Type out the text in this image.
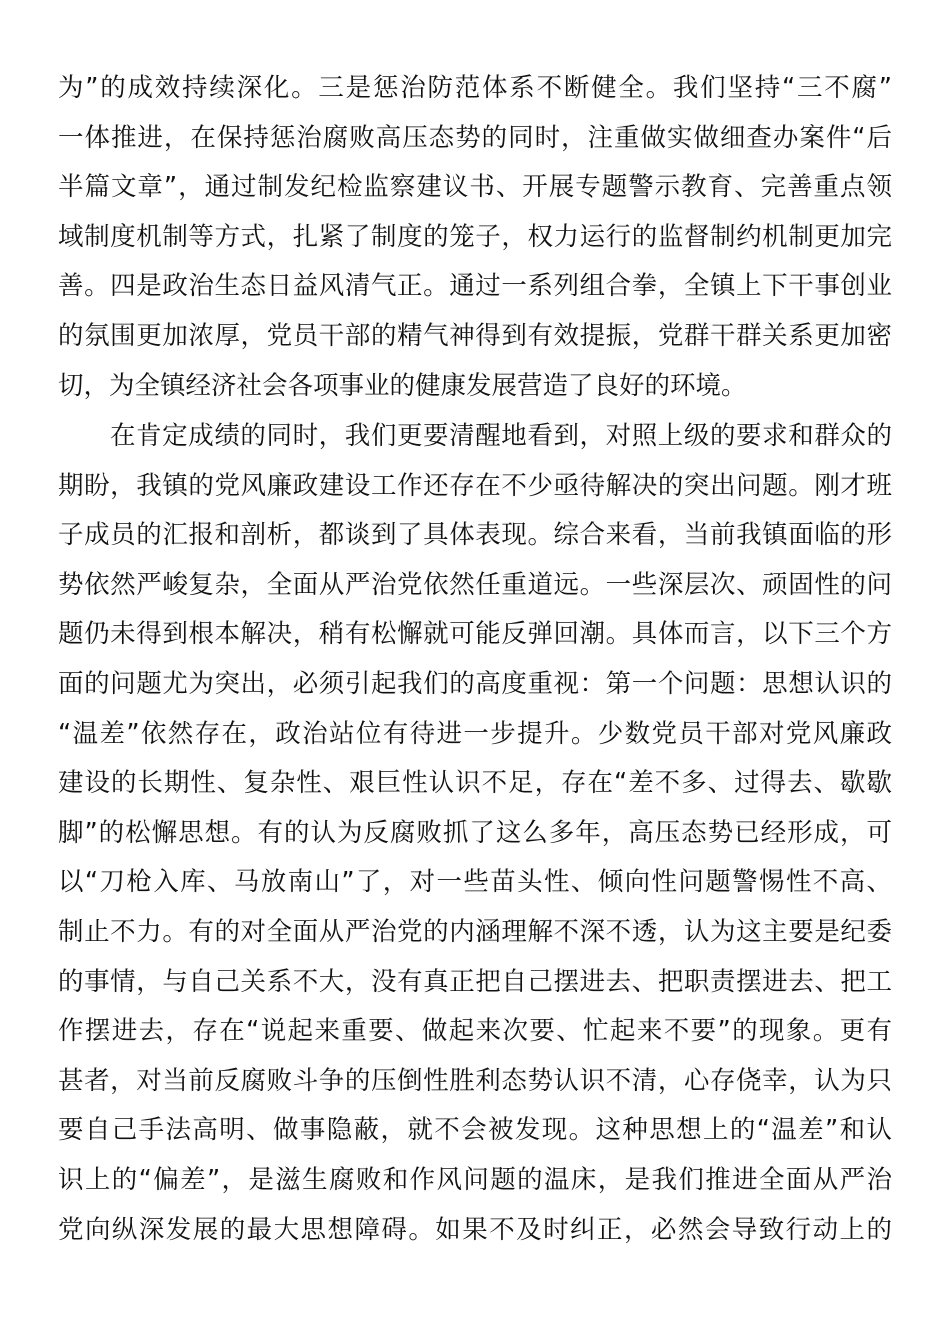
为”的成效持续深化。三是惩治防范体系不断健全。我们坚持“三不腐”
一体推进，在保持惩治腐败高压态势的同时，注重做实做细查办案件“后
半篇文章”，通过制发纪检监察建议书、开展专题警示教育、完善重点领
域制度机制等方式，扎紧了制度的笼子，权力运行的监督制约机制更加完
善。四是政治生态日益风清气正。通过一系列组合拳，全镇上下干事创业
的氛围更加浓厚，党员干部的精气神得到有效提振，党群干群关系更加密
切，为全镇经济社会各项事业的健康发展营造了良好的环境。
在肯定成绩的同时，我们更要清醒地看到，对照上级的要求和群众的
期盼，我镇的党风廉政建设工作还存在不少亟待解决的突出问题。刚才班
子成员的汇报和剖析，都谈到了具体表现。综合来看，当前我镇面临的形
势依然严峻复杂，全面从严治党依然任重道远。一些深层次、顽固性的问
题仍未得到根本解决，稍有松懈就可能反弹回潮。具体而言，以下三个方
面的问题尤为突出，必须引起我们的高度重视：第一个问题：思想认识的
“温差”依然存在，政治站位有待进一步提升。少数党员干部对党风廉政
建设的长期性、复杂性、艰巨性认识不足，存在“差不多、过得去、歇歇
脚”的松懈思想。有的认为反腐败抓了这么多年，高压态势已经形成，可
以“刀枪入库、马放南山”了，对一些苗头性、倾向性问题警惕性不高、
制止不力。有的对全面从严治党的内涵理解不深不透，认为这主要是纪委
的事情，与自己关系不大，没有真正把自己摆进去、把职责摆进去、把工
作摆进去，存在“说起来重要、做起来次要、忙起来不要”的现象。更有
甚者，对当前反腐败斗争的压倒性胜利态势认识不清，心存侥幸，认为只
要自己手法高明、做事隐蔽，就不会被发现。这种思想上的“温差”和认
识上的“偏差”，是滋生腐败和作风问题的温床，是我们推进全面从严治
党向纵深发展的最大思想障碍。如果不及时纠正，必然会导致行动上的
